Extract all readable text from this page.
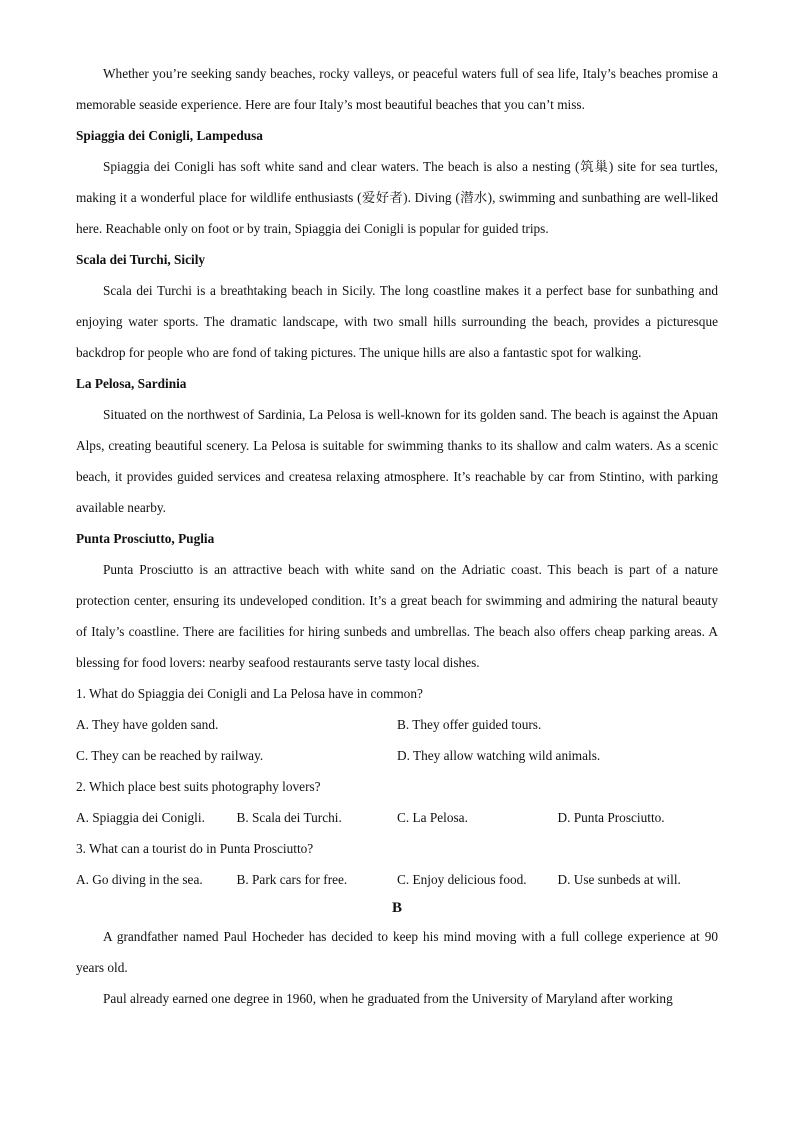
Whether you’re seeking sandy beaches, rocky valleys, or peaceful waters full of sea life, Italy’s beaches promise a memorable seaside experience. Here are four Italy’s most beautiful beaches that you can’t miss.
Spiaggia dei Conigli, Lampedusa
Spiaggia dei Conigli has soft white sand and clear waters. The beach is also a nesting (筑巢) site for sea turtles, making it a wonderful place for wildlife enthusiasts (爱好者). Diving (潜水), swimming and sunbathing are well-liked here. Reachable only on foot or by train, Spiaggia dei Conigli is popular for guided trips.
Scala dei Turchi, Sicily
Scala dei Turchi is a breathtaking beach in Sicily. The long coastline makes it a perfect base for sunbathing and enjoying water sports. The dramatic landscape, with two small hills surrounding the beach, provides a picturesque backdrop for people who are fond of taking pictures. The unique hills are also a fantastic spot for walking.
La Pelosa, Sardinia
Situated on the northwest of Sardinia, La Pelosa is well-known for its golden sand. The beach is against the Apuan Alps, creating beautiful scenery. La Pelosa is suitable for swimming thanks to its shallow and calm waters. As a scenic beach, it provides guided services and createsa relaxing atmosphere. It’s reachable by car from Stintino, with parking available nearby.
Punta Prosciutto, Puglia
Punta Prosciutto is an attractive beach with white sand on the Adriatic coast. This beach is part of a nature protection center, ensuring its undeveloped condition. It’s a great beach for swimming and admiring the natural beauty of Italy’s coastline. There are facilities for hiring sunbeds and umbrellas. The beach also offers cheap parking areas. A blessing for food lovers: nearby seafood restaurants serve tasty local dishes.
1. What do Spiaggia dei Conigli and La Pelosa have in common?
A. They have golden sand.	B. They offer guided tours.
C. They can be reached by railway.	D. They allow watching wild animals.
2. Which place best suits photography lovers?
A. Spiaggia dei Conigli.	B. Scala dei Turchi.	C. La Pelosa.	D. Punta Prosciutto.
3. What can a tourist do in Punta Prosciutto?
A. Go diving in the sea.	B. Park cars for free.	C. Enjoy delicious food.	D. Use sunbeds at will.
B
A grandfather named Paul Hocheder has decided to keep his mind moving with a full college experience at 90 years old.
Paul already earned one degree in 1960, when he graduated from the University of Maryland after working
